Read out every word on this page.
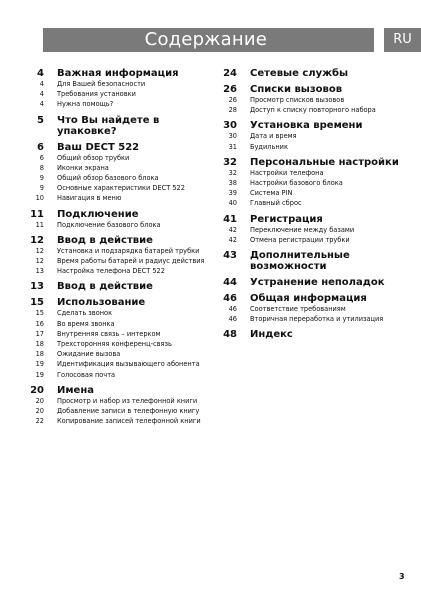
Содержание	RU
4	Важная информация
4	Для Вашей безопасности
4	Требования установки
4	Нужна помощь?
5	Что Вы найдете в упаковке?
6	Ваш DECT 522
6	Общий обзор трубки
8	Иконки экрана
9	Общий обзор базового блока
9	Основные характеристики DECT 522
10	Навигация в меню
11	Подключение
11	Подключение базового блока
12	Ввод в действие
12	Установка и подзарядка батарей трубки
12	Время работы батарей и радиус действия
13	Настройка телефона DECT 522
13	Ввод в действие
15	Использование
15	Сделать звонок
16	Во время звонка
17	Внутренняя связь – интерком
18	Трехсторонняя конференц-связь
18	Ожидание вызова
19	Идентификация вызывающего абонента
19	Голосовая почта
20	Имена
20	Просмотр и набор из телефонной книги
20	Добавление записи в телефонную книгу
22	Копирование записей телефонной книги
24	Сетевые службы
26	Списки вызовов
26	Просмотр списков вызовов
28	Доступ к списку повторного набора
30	Установка времени
30	Дата и время
31	Будильник
32	Персональные настройки
32	Настройки телефона
38	Настройки базового блока
39	Система PIN
40	Главный сброс
41	Регистрация
42	Переключение между базами
42	Отмена регистрации трубки
43	Дополнительные возможности
44	Устранение неполадок
46	Общая информация
46	Соответствие требованиям
46	Вторичная переработка и утилизация
48	Индекс
3
